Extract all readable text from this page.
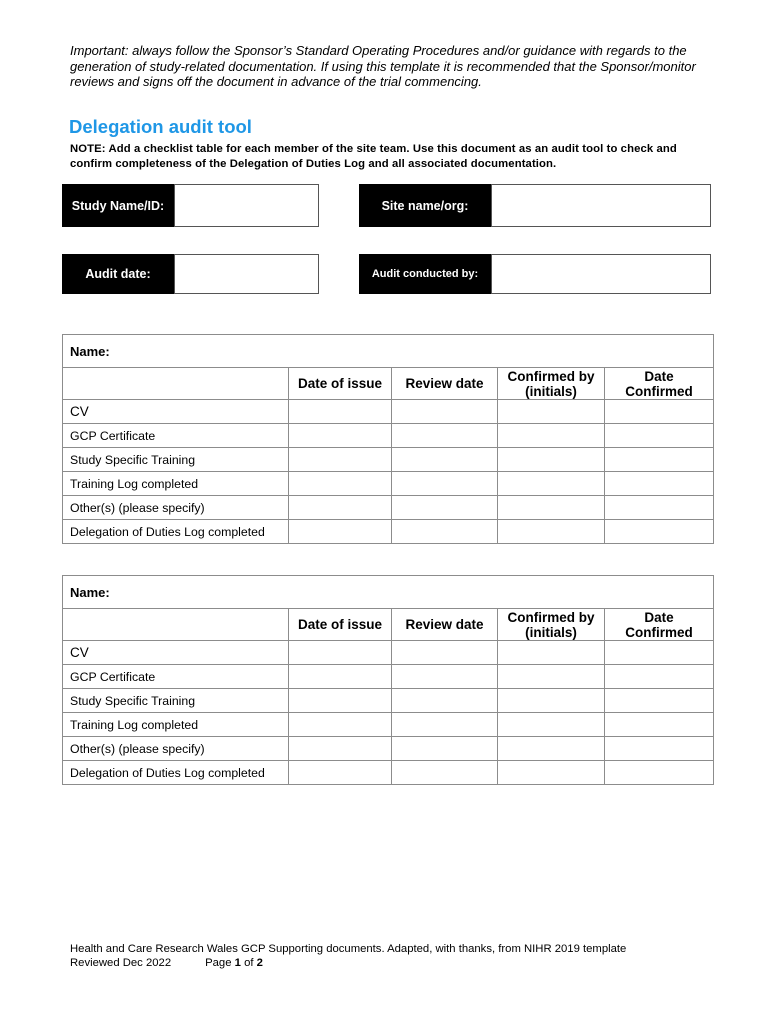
Important: always follow the Sponsor’s Standard Operating Procedures and/or guidance with regards to the generation of study-related documentation. If using this template it is recommended that the Sponsor/monitor reviews and signs off the document in advance of the trial commencing.
Delegation audit tool
NOTE: Add a checklist table for each member of the site team. Use this document as an audit tool to check and confirm completeness of the Delegation of Duties Log and all associated documentation.
Study Name/ID:	Site name/org:
Audit date:	Audit conducted by:
Name:				
	Date of issue	Review date	Confirmed by (initials)	Date Confirmed
CV				
GCP Certificate				
Study Specific Training				
Training Log completed				
Other(s) (please specify)				
Delegation of Duties Log completed				
Name:				
	Date of issue	Review date	Confirmed by (initials)	Date Confirmed
CV				
GCP Certificate				
Study Specific Training				
Training Log completed				
Other(s) (please specify)				
Delegation of Duties Log completed				
Health and Care Research Wales GCP Supporting documents. Adapted, with thanks, from NIHR 2019 template
Reviewed Dec 2022	Page 1 of 2
